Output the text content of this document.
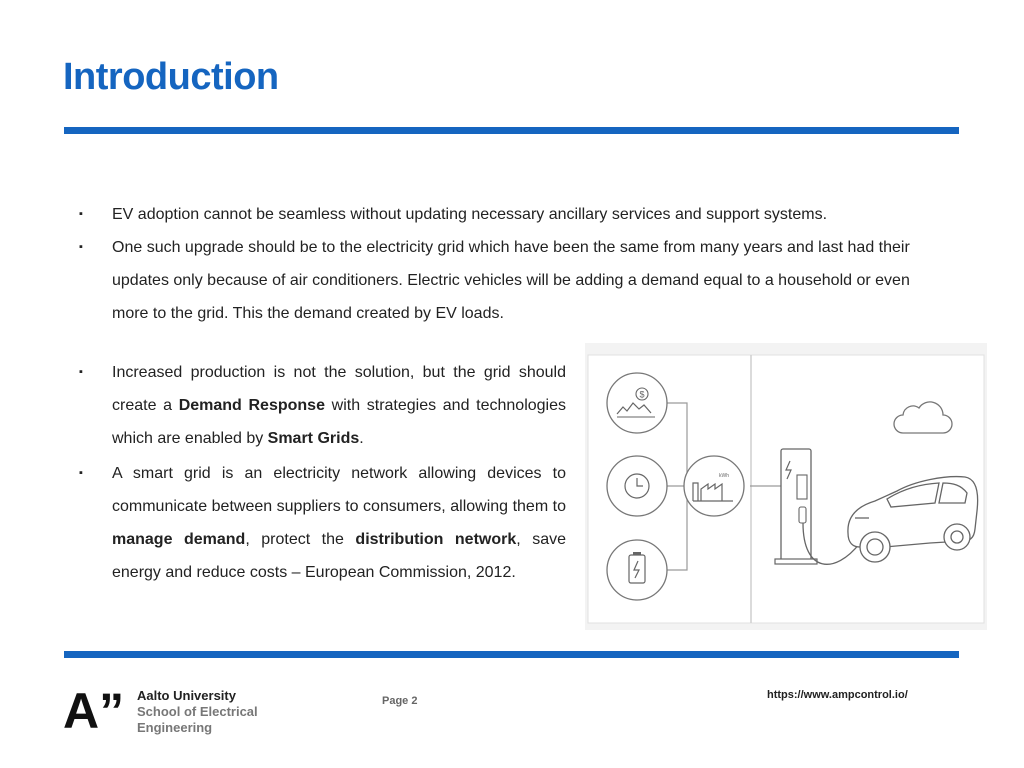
Introduction
▪	EV adoption cannot be seamless without updating necessary ancillary services and support systems.
▪	One such upgrade should be to the electricity grid which have been the same from many years and last had their updates only because of air conditioners. Electric vehicles will be adding a demand equal to a household or even more to the grid. This the demand created by EV loads.
▪	Increased production is not the solution, but the grid should create a Demand Response with strategies and technologies which are enabled by Smart Grids.
▪	A smart grid is an electricity network allowing devices to communicate between suppliers to consumers, allowing them to manage demand, protect the distribution network, save energy and reduce costs – European Commission, 2012.
$
kWh
A” Aalto University
School of Electrical
Engineering
Page 2	https://www.ampcontrol.io/
